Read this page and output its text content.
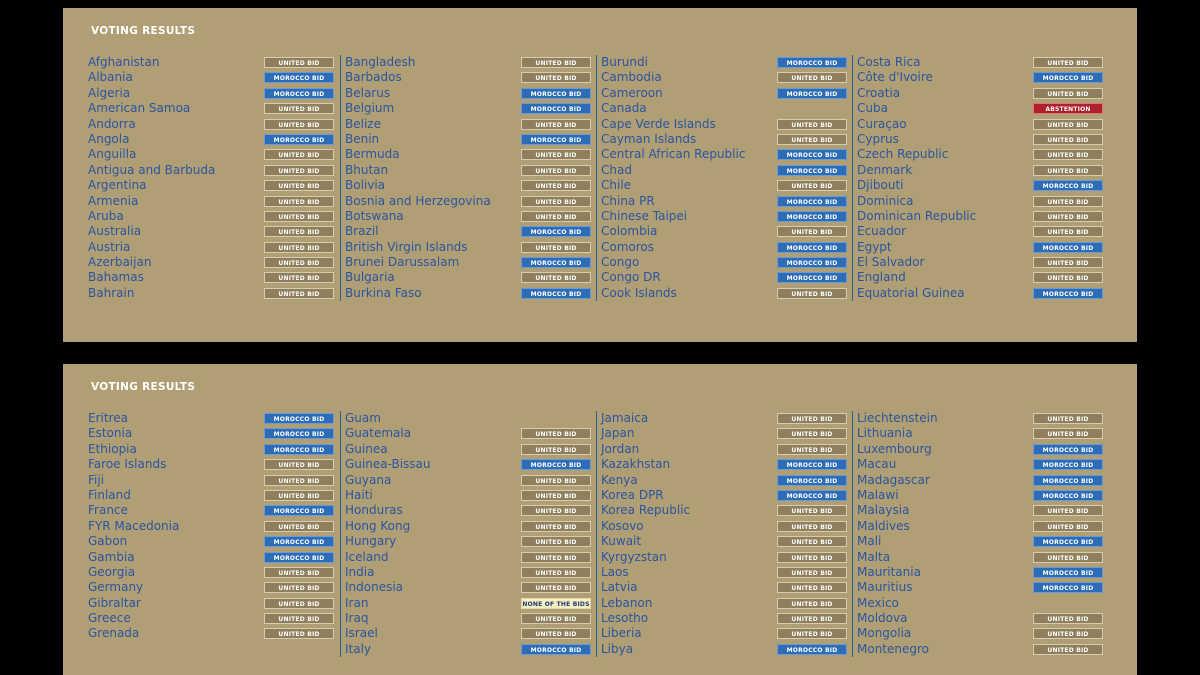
VOTING RESULTS
Afghanistan	UNITED BID
Albania	MOROCCO BID
Algeria	MOROCCO BID
American Samoa	UNITED BID
Andorra	UNITED BID
Angola	MOROCCO BID
Anguilla	UNITED BID
Antigua and Barbuda	UNITED BID
Argentina	UNITED BID
Armenia	UNITED BID
Aruba	UNITED BID
Australia	UNITED BID
Austria	UNITED BID
Azerbaijan	UNITED BID
Bahamas	UNITED BID
Bahrain	UNITED BID
Bangladesh	UNITED BID
Barbados	UNITED BID
Belarus	MOROCCO BID
Belgium	MOROCCO BID
Belize	UNITED BID
Benin	MOROCCO BID
Bermuda	UNITED BID
Bhutan	UNITED BID
Bolivia	UNITED BID
Bosnia and Herzegovina	UNITED BID
Botswana	UNITED BID
Brazil	MOROCCO BID
British Virgin Islands	UNITED BID
Brunei Darussalam	MOROCCO BID
Bulgaria	UNITED BID
Burkina Faso	MOROCCO BID
Burundi	MOROCCO BID
Cambodia	UNITED BID
Cameroon	MOROCCO BID
Canada
Cape Verde Islands	UNITED BID
Cayman Islands	UNITED BID
Central African Republic	MOROCCO BID
Chad	MOROCCO BID
Chile	UNITED BID
China PR	MOROCCO BID
Chinese Taipei	MOROCCO BID
Colombia	UNITED BID
Comoros	MOROCCO BID
Congo	MOROCCO BID
Congo DR	MOROCCO BID
Cook Islands	UNITED BID
Costa Rica	UNITED BID
Côte d'Ivoire	MOROCCO BID
Croatia	UNITED BID
Cuba	ABSTENTION
Curaçao	UNITED BID
Cyprus	UNITED BID
Czech Republic	UNITED BID
Denmark	UNITED BID
Djibouti	MOROCCO BID
Dominica	UNITED BID
Dominican Republic	UNITED BID
Ecuador	UNITED BID
Egypt	MOROCCO BID
El Salvador	UNITED BID
England	UNITED BID
Equatorial Guinea	MOROCCO BID
VOTING RESULTS
Eritrea	MOROCCO BID
Estonia	MOROCCO BID
Ethiopia	MOROCCO BID
Faroe Islands	UNITED BID
Fiji	UNITED BID
Finland	UNITED BID
France	MOROCCO BID
FYR Macedonia	UNITED BID
Gabon	MOROCCO BID
Gambia	MOROCCO BID
Georgia	UNITED BID
Germany	UNITED BID
Gibraltar	UNITED BID
Greece	UNITED BID
Grenada	UNITED BID
Guam
Guatemala	UNITED BID
Guinea	UNITED BID
Guinea-Bissau	MOROCCO BID
Guyana	UNITED BID
Haiti	UNITED BID
Honduras	UNITED BID
Hong Kong	UNITED BID
Hungary	UNITED BID
Iceland	UNITED BID
India	UNITED BID
Indonesia	UNITED BID
Iran	NONE OF THE BIDS
Iraq	UNITED BID
Israel	UNITED BID
Italy	MOROCCO BID
Jamaica	UNITED BID
Japan	UNITED BID
Jordan	UNITED BID
Kazakhstan	MOROCCO BID
Kenya	MOROCCO BID
Korea DPR	MOROCCO BID
Korea Republic	UNITED BID
Kosovo	UNITED BID
Kuwait	UNITED BID
Kyrgyzstan	UNITED BID
Laos	UNITED BID
Latvia	UNITED BID
Lebanon	UNITED BID
Lesotho	UNITED BID
Liberia	UNITED BID
Libya	MOROCCO BID
Liechtenstein	UNITED BID
Lithuania	UNITED BID
Luxembourg	MOROCCO BID
Macau	MOROCCO BID
Madagascar	MOROCCO BID
Malawi	MOROCCO BID
Malaysia	UNITED BID
Maldives	UNITED BID
Mali	MOROCCO BID
Malta	UNITED BID
Mauritania	MOROCCO BID
Mauritius	MOROCCO BID
Mexico
Moldova	UNITED BID
Mongolia	UNITED BID
Montenegro	UNITED BID
